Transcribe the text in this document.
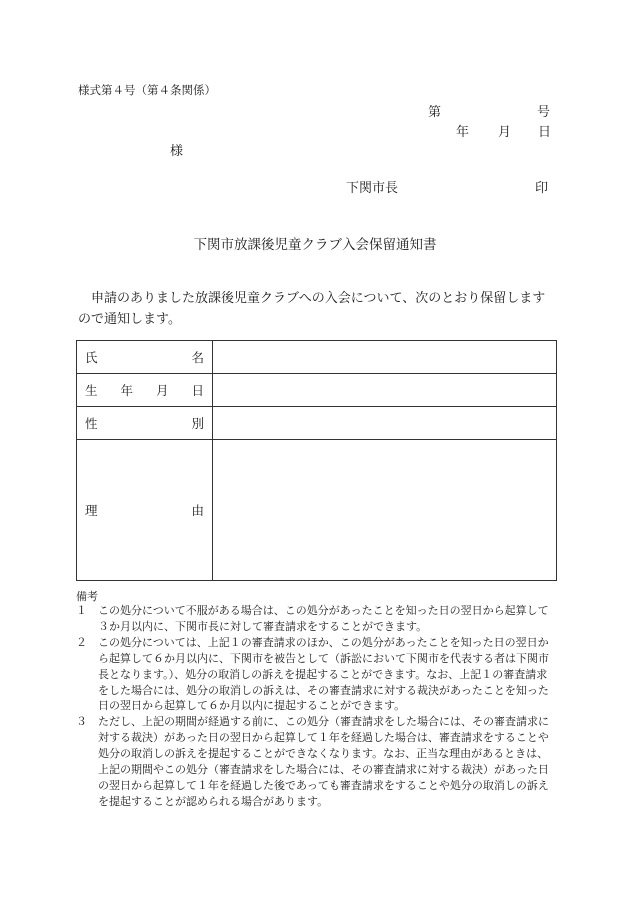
様式第４号（第４条関係）
第	号
年 月 日
様
下関市長	印
下関市放課後児童クラブ入会保留通知書
申請のありました放課後児童クラブへの入会について、次のとおり保留しますので通知します。
氏 名	

生 年 月 日	

性 別	

理 由	

備考
１	この処分について不服がある場合は、この処分があったことを知った日の翌日から起算して３か月以内に、下関市長に対して審査請求をすることができます。
２	この処分については、上記１の審査請求のほか、この処分があったことを知った日の翌日から起算して６か月以内に、下関市を被告として（訴訟において下関市を代表する者は下関市長となります。）、処分の取消しの訴えを提起することができます。なお、上記１の審査請求をした場合には、処分の取消しの訴えは、その審査請求に対する裁決があったことを知った日の翌日から起算して６か月以内に提起することができます。
３	ただし、上記の期間が経過する前に、この処分（審査請求をした場合には、その審査請求に対する裁決）があった日の翌日から起算して１年を経過した場合は、審査請求をすることや処分の取消しの訴えを提起することができなくなります。なお、正当な理由があるときは、上記の期間やこの処分（審査請求をした場合には、その審査請求に対する裁決）があった日の翌日から起算して１年を経過した後であっても審査請求をすることや処分の取消しの訴えを提起することが認められる場合があります。
